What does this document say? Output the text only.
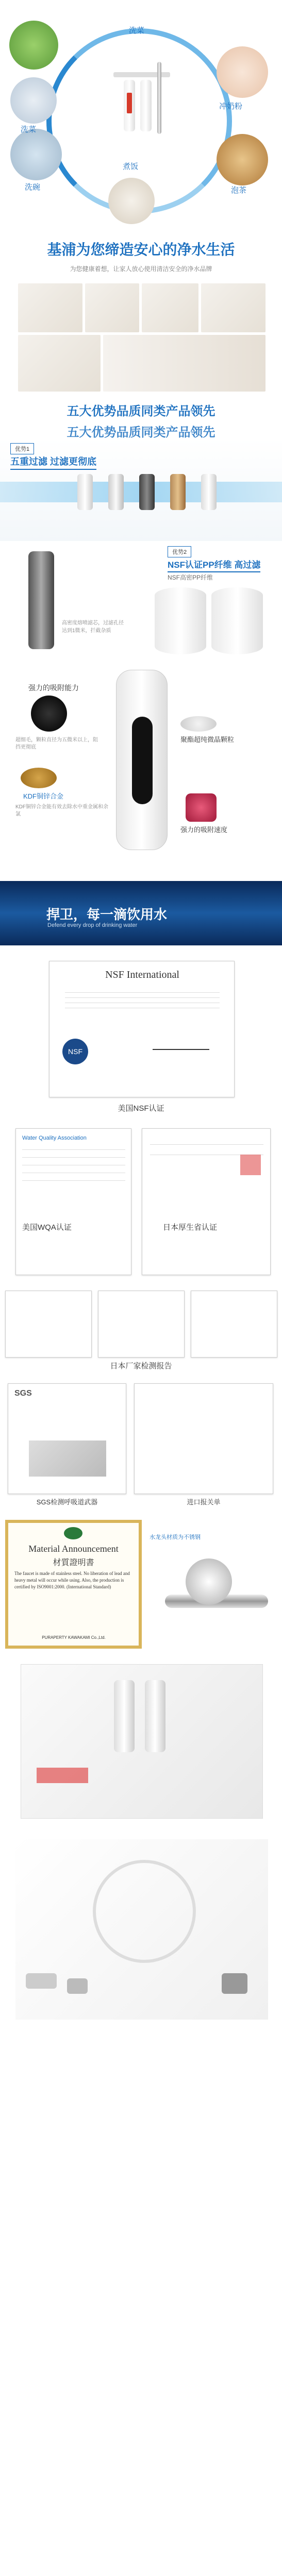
洗菜
冲奶粉
泡茶
煮饭
洗碗
洗菜
基浦为您缔造安心的净水生活
为您健康着想，让家人放心使用清洁安全的净水品牌
五大优势品质同类产品领先
五大优势品质同类产品领先
优势1
五重过滤 过滤更彻底
优势2
NSF认证PP纤维 高过滤
NSF高密PP纤维
高密度熔喷滤芯，过滤孔径
达到1微米，拦截杂质
强力的吸附能力
超细毛，颗粒直径为五微米以上，阻挡更彻底
聚酯超纯微晶颗粒
KDF铜锌合金
KDF铜锌合金能有效去除水中重金属和余氯
强力的吸附速度
捍卫，每一滴饮用水
Defend every drop of drinking water
NSF International
NSF
美国NSF认证
Water Quality Association
美国WQA认证	日本厚生省认证
日本厂家检测报告
SGS
SGS检测呼吸道武器	进口报关单
Material Announcement
材質證明書
The faucet is made of stainless steel. No liberation of lead and heavy metal will occur while using. Also, the production is certified by ISO9001:2000. (International Standard)
PURAPERTY KAWAKAMI Co.,Ltd.
水龙头材质为不锈钢
